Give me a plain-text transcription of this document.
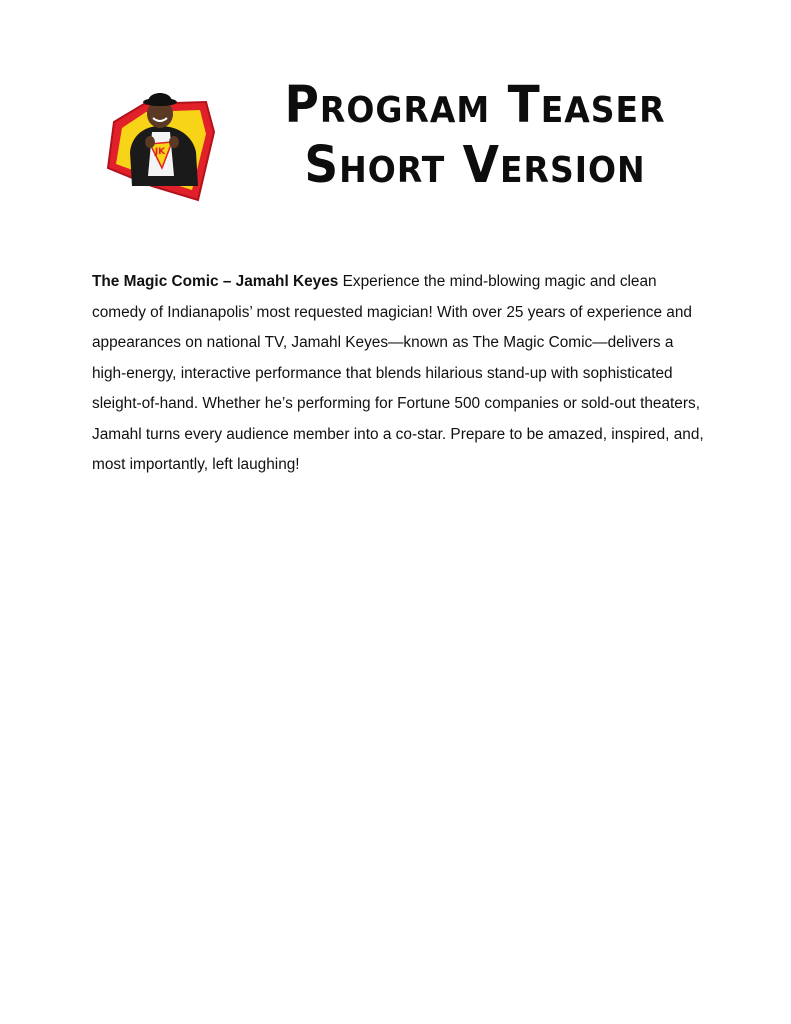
JK
Program Teaser
Short Version

The Magic Comic – Jamahl Keyes Experience the mind-blowing magic and clean comedy of Indianapolis’ most requested magician! With over 25 years of experience and appearances on national TV, Jamahl Keyes—known as The Magic Comic—delivers a high-energy, interactive performance that blends hilarious stand-up with sophisticated sleight-of-hand. Whether he’s performing for Fortune 500 companies or sold-out theaters, Jamahl turns every audience member into a co-star. Prepare to be amazed, inspired, and, most importantly, left laughing!
